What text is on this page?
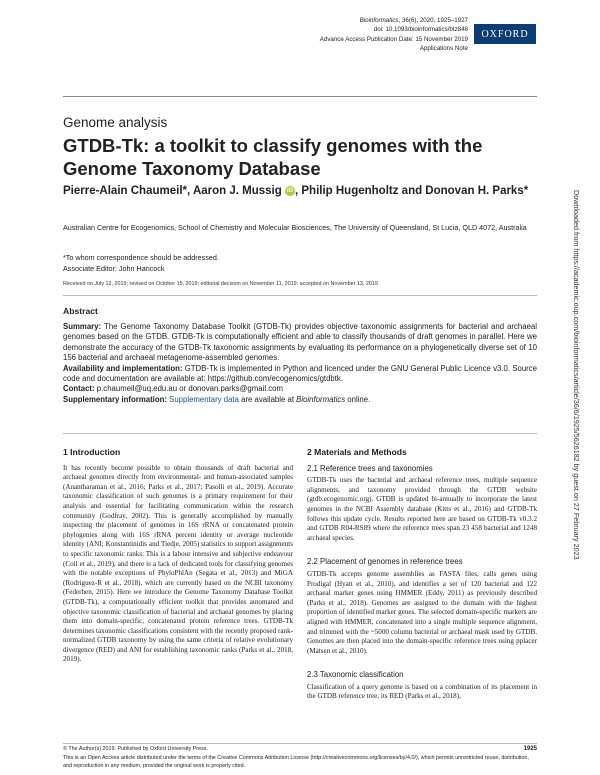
Bioinformatics, 36(6), 2020, 1925–1927
doi: 10.1093/bioinformatics/btz848
Advance Access Publication Date: 15 November 2019
Applications Note
OXFORD
Genome analysis
GTDB-Tk: a toolkit to classify genomes with the Genome Taxonomy Database
Pierre-Alain Chaumeil*, Aaron J. Mussig iD , Philip Hugenholtz and Donovan H. Parks*
Australian Centre for Ecogenomics, School of Chemistry and Molecular Biosciences, The University of Queensland, St Lucia, QLD 4072, Australia
*To whom correspondence should be addressed.
Associate Editor: John Hancock
Received on July 12, 2019; revised on October 15, 2019; editorial decision on November 11, 2019; accepted on November 13, 2019
Abstract

Summary: The Genome Taxonomy Database Toolkit (GTDB-Tk) provides objective taxonomic assignments for bacterial and archaeal genomes based on the GTDB. GTDB-Tk is computationally efficient and able to classify thousands of draft genomes in parallel. Here we demonstrate the accuracy of the GTDB-Tk taxonomic assignments by evaluating its performance on a phylogenetically diverse set of 10 156 bacterial and archaeal metagenome-assembled genomes.

Availability and implementation: GTDB-Tk is implemented in Python and licenced under the GNU General Public Licence v3.0. Source code and documentation are available at: https://github.com/ecogenomics/gtdbtk.

Contact: p.chaumeil@uq.edu.au or donovan.parks@gmail.com

Supplementary information: Supplementary data are available at Bioinformatics online.

1 Introduction

It has recently become possible to obtain thousands of draft bacterial and archaeal genomes directly from environmental- and human-associated samples (Anantharaman et al., 2016; Parks et al., 2017; Pasolli et al., 2019). Accurate taxonomic classification of such genomes is a primary requirement for their analysis and essential for facilitating communication within the research community (Godfray, 2002). This is generally accomplished by manually inspecting the placement of genomes in 16S rRNA or concatenated protein phylogenies along with 16S rRNA percent identity or average nucleotide identity (ANI; Konstantinidis and Tiedje, 2005) statistics to support assignments to specific taxonomic ranks. This is a labour intensive and subjective endeavour (Coil et al., 2019), and there is a lack of dedicated tools for classifying genomes with the notable exceptions of PhyloPhlAn (Segata et al., 2013) and MiGA (Rodriguez-R et al., 2018), which are currently based on the NCBI taxonomy (Federhen, 2015). Here we introduce the Genome Taxonomy Database Toolkit (GTDB-Tk), a computationally efficient toolkit that provides automated and objective taxonomic classification of bacterial and archaeal genomes by placing them into domain-specific, concatenated protein reference trees. GTDB-Tk determines taxonomic classifications consistent with the recently proposed rank-normalized GTDB taxonomy by using the same criteria of relative evolutionary divergence (RED) and ANI for establishing taxonomic ranks (Parks et al., 2018, 2019).

2 Materials and Methods
2.1 Reference trees and taxonomies

GTDB-Tk uses the bacterial and archaeal reference trees, multiple sequence alignments, and taxonomy provided through the GTDB website (gtdb.ecogenomic.org). GTDB is updated bi-annually to incorporate the latest genomes in the NCBI Assembly database (Kitts et al., 2016) and GTDB-Tk follows this update cycle. Results reported here are based on GTDB-Tk v0.3.2 and GTDB R04-RS89 where the reference trees span 23 458 bacterial and 1248 archaeal species.

2.2 Placement of genomes in reference trees

GTDB-Tk accepts genome assemblies as FASTA files, calls genes using Prodigal (Hyatt et al., 2010), and identifies a set of 120 bacterial and 122 archaeal marker genes using HMMER (Eddy, 2011) as previously described (Parks et al., 2018). Genomes are assigned to the domain with the highest proportion of identified marker genes. The selected domain-specific markers are aligned with HMMER, concatenated into a single multiple sequence alignment, and trimmed with the ~5000 column bacterial or archaeal mask used by GTDB. Genomes are then placed into the domain-specific reference trees using pplacer (Matsen et al., 2010).

2.3 Taxonomic classification

Classification of a query genome is based on a combination of its placement in the GTDB reference tree, its RED (Parks et al., 2018),

Downloaded from https://academic.oup.com/bioinformatics/article/36/6/1925/5626182 by guest on 27 February 2023
© The Author(s) 2019. Published by Oxford University Press.	1925
This is an Open Access article distributed under the terms of the Creative Commons Attribution License (http://creativecommons.org/licenses/by/4.0/), which permits unrestricted reuse, distribution, and reproduction in any medium, provided the original work is properly cited.
